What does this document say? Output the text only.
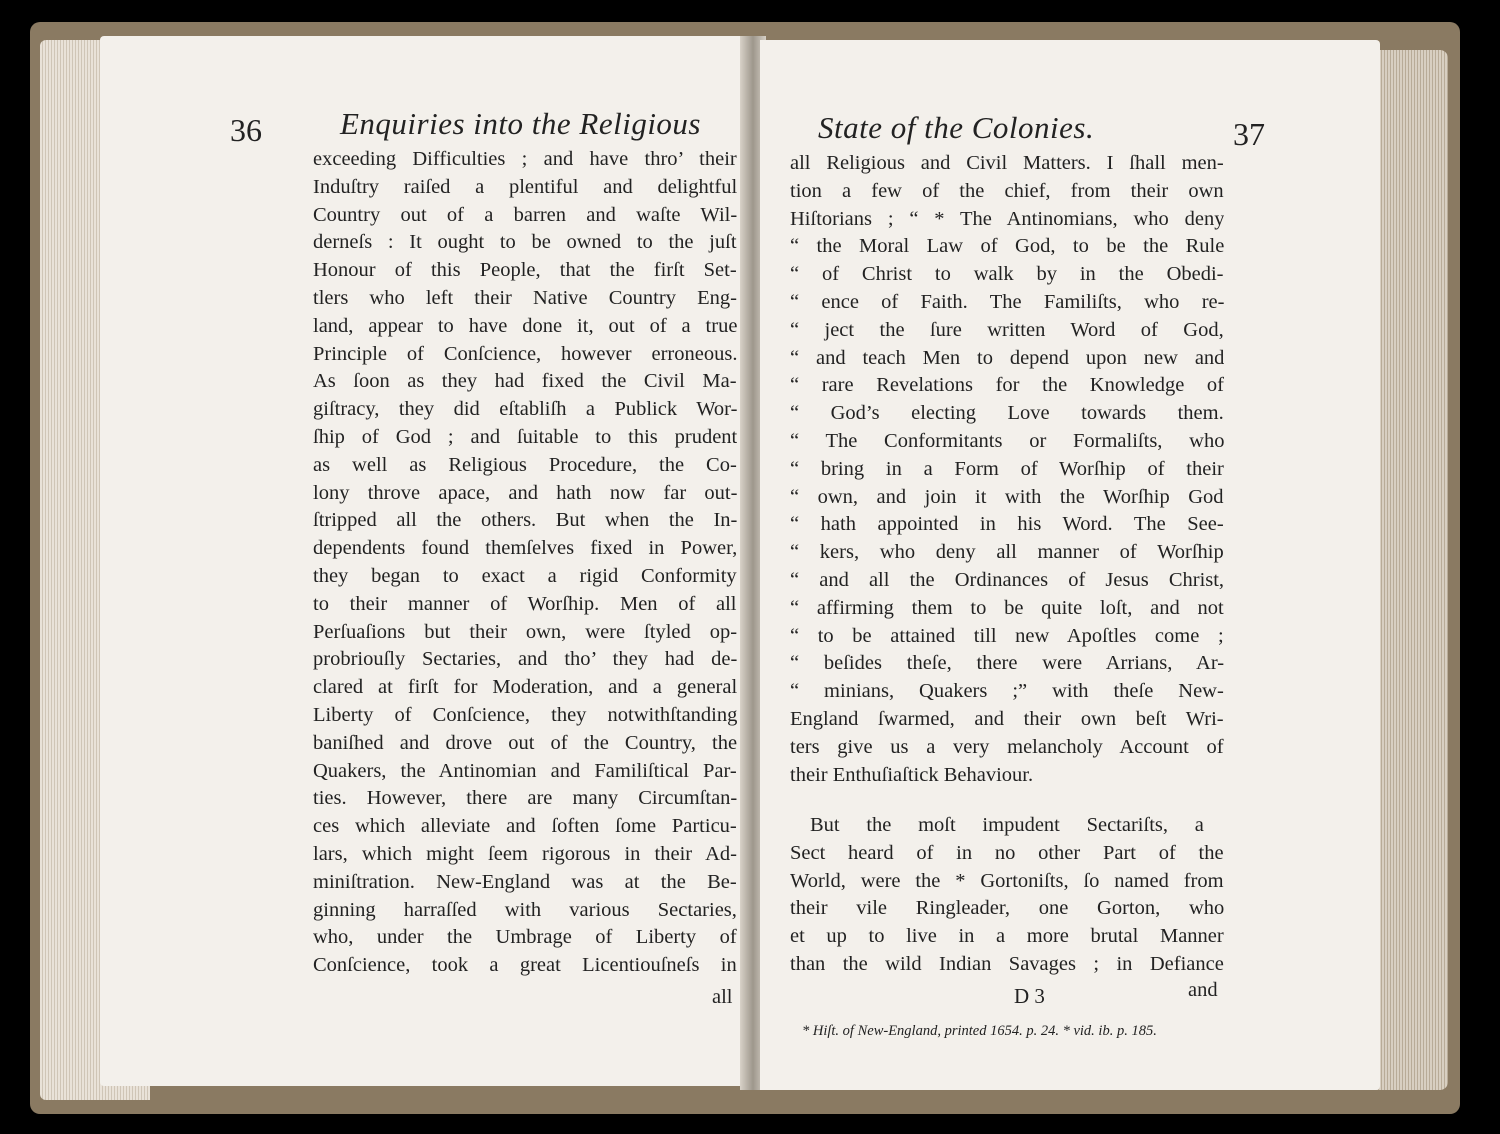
36	Enquiries into the Religious
exceeding Difficulties ; and have thro’ their
Induſtry raiſed a plentiful and delightful
Country out of a barren and waſte Wil-
derneſs : It ought to be owned to the juſt
Honour of this People, that the firſt Set-
tlers who left their Native Country Eng-
land, appear to have done it, out of a true
Principle of Conſcience, however erroneous.
As ſoon as they had fixed the Civil Ma-
giſtracy, they did eſtabliſh a Publick Wor-
ſhip of God ; and ſuitable to this prudent
as well as Religious Procedure, the Co-
lony throve apace, and hath now far out-
ſtripped all the others. But when the In-
dependents found themſelves fixed in Power,
they began to exact a rigid Conformity
to their manner of Worſhip. Men of all
Perſuaſions but their own, were ſtyled op-
probriouſly Sectaries, and tho’ they had de-
clared at firſt for Moderation, and a general
Liberty of Conſcience, they notwithſtanding
baniſhed and drove out of the Country, the
Quakers, the Antinomian and Familiſtical Par-
ties. However, there are many Circumſtan-
ces which alleviate and ſoften ſome Particu-
lars, which might ſeem rigorous in their Ad-
miniſtration. New-England was at the Be-
ginning harraſſed with various Sectaries,
who, under the Umbrage of Liberty of
Conſcience, took a great Licentiouſneſs in
all
State of the Colonies.	37
all Religious and Civil Matters. I ſhall men-
tion a few of the chief, from their own
Hiſtorians ; “ * The Antinomians, who deny
“ the Moral Law of God, to be the Rule
“ of Christ to walk by in the Obedi-
“ ence of Faith. The Familiſts, who re-
“ ject the ſure written Word of God,
“ and teach Men to depend upon new and
“ rare Revelations for the Knowledge of
“ God’s electing Love towards them.
“ The Conformitants or Formaliſts, who
“ bring in a Form of Worſhip of their
“ own, and join it with the Worſhip God
“ hath appointed in his Word. The See-
“ kers, who deny all manner of Worſhip
“ and all the Ordinances of Jesus Christ,
“ affirming them to be quite loſt, and not
“ to be attained till new Apoſtles come ;
“ beſides theſe, there were Arrians, Ar-
“ minians, Quakers ;” with theſe New-
England ſwarmed, and their own beſt Wri-
ters give us a very melancholy Account of
their Enthuſiaſtick Behaviour.
But the moſt impudent Sectariſts, a
Sect heard of in no other Part of the
World, were the * Gortoniſts, ſo named from
their vile Ringleader, one Gorton, who
et up to live in a more brutal Manner
than the wild Indian Savages ; in Defiance
D 3	and
* Hiſt. of New-England, printed 1654. p. 24. * vid. ib. p. 185.
